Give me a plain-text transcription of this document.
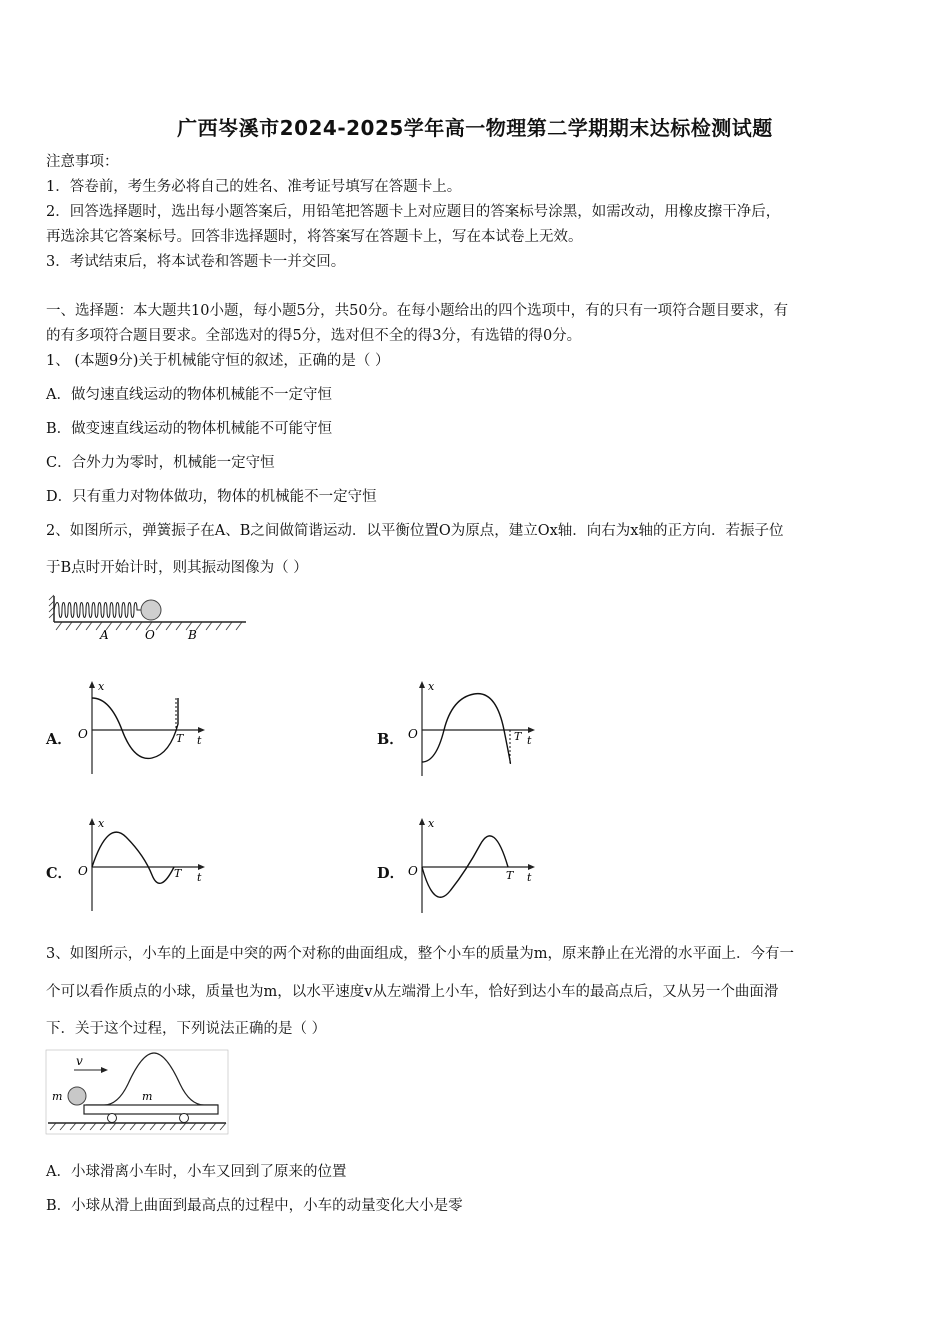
广西岑溪市2024-2025学年高一物理第二学期期末达标检测试题
注意事项：
1．答卷前，考生务必将自己的姓名、准考证号填写在答题卡上。
2．回答选择题时，选出每小题答案后，用铅笔把答题卡上对应题目的答案标号涂黑，如需改动，用橡皮擦干净后，
再选涂其它答案标号。回答非选择题时，将答案写在答题卡上，写在本试卷上无效。
3．考试结束后，将本试卷和答题卡一并交回。
一、选择题：本大题共10小题，每小题5分，共50分。在每小题给出的四个选项中，有的只有一项符合题目要求，有
的有多项符合题目要求。全部选对的得5分，选对但不全的得3分，有选错的得0分。
1、 (本题9分)关于机械能守恒的叙述，正确的是（ ）
A．做匀速直线运动的物体机械能不一定守恒
B．做变速直线运动的物体机械能不可能守恒
C．合外力为零时，机械能一定守恒
D．只有重力对物体做功，物体的机械能不一定守恒
2、如图所示，弹簧振子在A、B之间做简谐运动．以平衡位置O为原点，建立Ox轴．向右为x轴的正方向．若振子位
于B点时开始计时，则其振动图像为（ ）
A	O	B
A．
x
O	T t	B．
x
O	T t
C．
x
O	T t	D．
x
O	T t
3、如图所示，小车的上面是中突的两个对称的曲面组成，整个小车的质量为m，原来静止在光滑的水平面上．今有一
个可以看作质点的小球，质量也为m，以水平速度v从左端滑上小车，恰好到达小车的最高点后，又从另一个曲面滑
下．关于这个过程，下列说法正确的是（ ）
v
m	m
A．小球滑离小车时，小车又回到了原来的位置
B．小球从滑上曲面到最高点的过程中，小车的动量变化大小是零
